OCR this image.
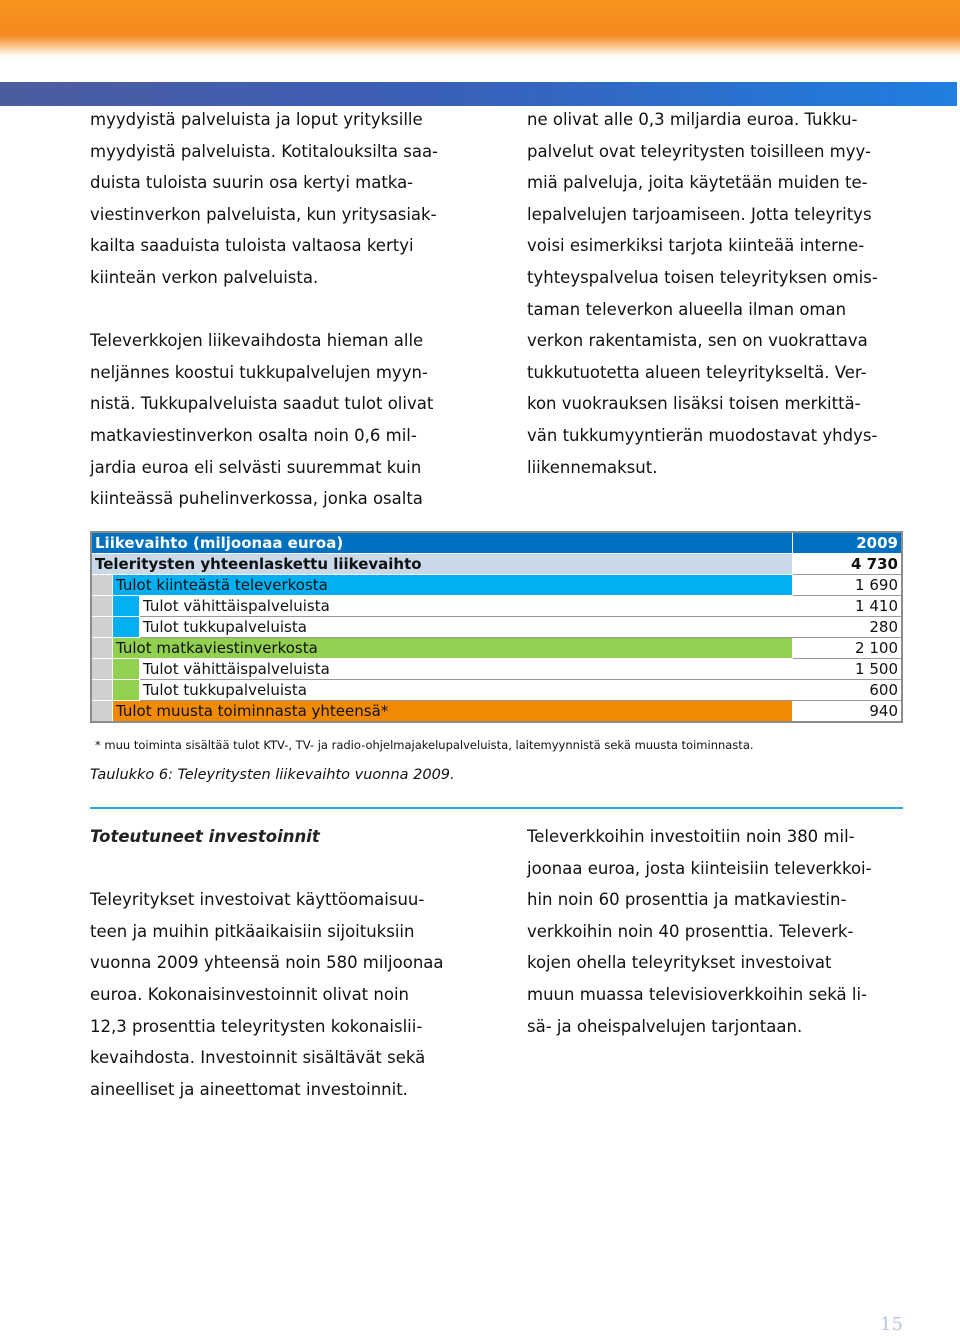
myydyistä palveluista ja loput yrityksille

myydyistä palveluista. Kotitalouksilta saa-

duista tuloista suurin osa kertyi matka-

viestinverkon palveluista, kun yritysasiak-

kailta saaduista tuloista valtaosa kertyi

kiinteän verkon palveluista.

Televerkkojen liikevaihdosta hieman alle

neljännes koostui tukkupalvelujen myyn-

nistä. Tukkupalveluista saadut tulot olivat

matkaviestinverkon osalta noin 0,6 mil-

jardia euroa eli selvästi suuremmat kuin

kiinteässä puhelinverkossa, jonka osalta

ne olivat alle 0,3 miljardia euroa. Tukku-

palvelut ovat teleyritysten toisilleen myy-

miä palveluja, joita käytetään muiden te-

lepalvelujen tarjoamiseen. Jotta teleyritys

voisi esimerkiksi tarjota kiinteää interne-

tyhteyspalvelua toisen teleyrityksen omis-

taman televerkon alueella ilman oman

verkon rakentamista, sen on vuokrattava

tukkutuotetta alueen teleyritykseltä. Ver-

kon vuokrauksen lisäksi toisen merkittä-

vän tukkumyyntierän muodostavat yhdys-

liikennemaksut.

Liikevaihto (miljoonaa euroa)			2009
Teleritysten yhteenlaskettu liikevaihto			4 730
	Tulot kiinteästä televerkosta		1 690
		Tulot vähittäispalveluista	1 410
		Tulot tukkupalveluista	280
	Tulot matkaviestinverkosta		2 100
		Tulot vähittäispalveluista	1 500
		Tulot tukkupalveluista	600
	Tulot muusta toiminnasta yhteensä*		940
* muu toiminta sisältää tulot KTV-, TV- ja radio-ohjelmajakelupalveluista, laitemyynnistä sekä muusta toiminnasta.
Taulukko 6: Teleyritysten liikevaihto vuonna 2009.

Toteutuneet investoinnit

Teleyritykset investoivat käyttöomaisuu-

teen ja muihin pitkäaikaisiin sijoituksiin

vuonna 2009 yhteensä noin 580 miljoonaa

euroa. Kokonaisinvestoinnit olivat noin

12,3 prosenttia teleyritysten kokonaislii-

kevaihdosta. Investoinnit sisältävät sekä

aineelliset ja aineettomat investoinnit.

Televerkkoihin investoitiin noin 380 mil-

joonaa euroa, josta kiinteisiin televerkkoi-

hin noin 60 prosenttia ja matkaviestin-

verkkoihin noin 40 prosenttia. Televerk-

kojen ohella teleyritykset investoivat

muun muassa televisioverkkoihin sekä li-

sä- ja oheispalvelujen tarjontaan.

15
